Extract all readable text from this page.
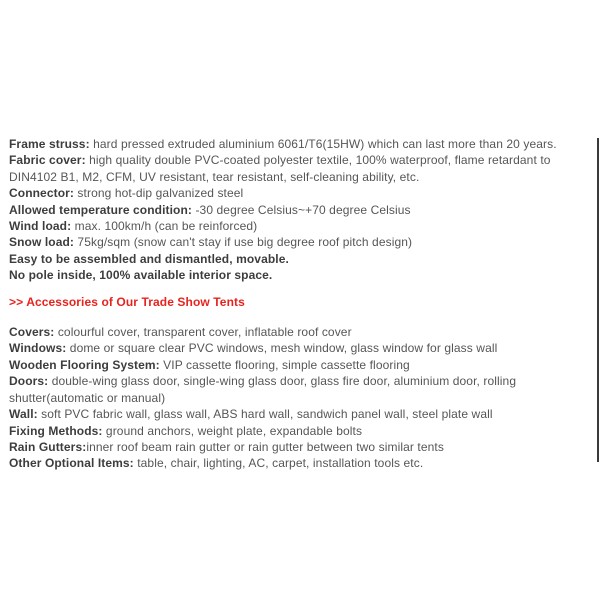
Frame struss: hard pressed extruded aluminium 6061/T6(15HW) which can last more than 20 years.
Fabric cover: high quality double PVC-coated polyester textile, 100% waterproof, flame retardant to DIN4102 B1, M2, CFM, UV resistant, tear resistant, self-cleaning ability, etc.
Connector: strong hot-dip galvanized steel
Allowed temperature condition: -30 degree Celsius~+70 degree Celsius
Wind load: max. 100km/h (can be reinforced)
Snow load: 75kg/sqm (snow can't stay if use big degree roof pitch design)
Easy to be assembled and dismantled, movable.
No pole inside, 100% available interior space.
>> Accessories of Our Trade Show Tents
Covers: colourful cover, transparent cover, inflatable roof cover
Windows: dome or square clear PVC windows, mesh window, glass window for glass wall
Wooden Flooring System: VIP cassette flooring, simple cassette flooring
Doors: double-wing glass door, single-wing glass door, glass fire door, aluminium door, rolling shutter(automatic or manual)
Wall: soft PVC fabric wall, glass wall, ABS hard wall, sandwich panel wall, steel plate wall
Fixing Methods: ground anchors, weight plate, expandable bolts
Rain Gutters:inner roof beam rain gutter or rain gutter between two similar tents
Other Optional Items: table, chair, lighting, AC, carpet, installation tools etc.
